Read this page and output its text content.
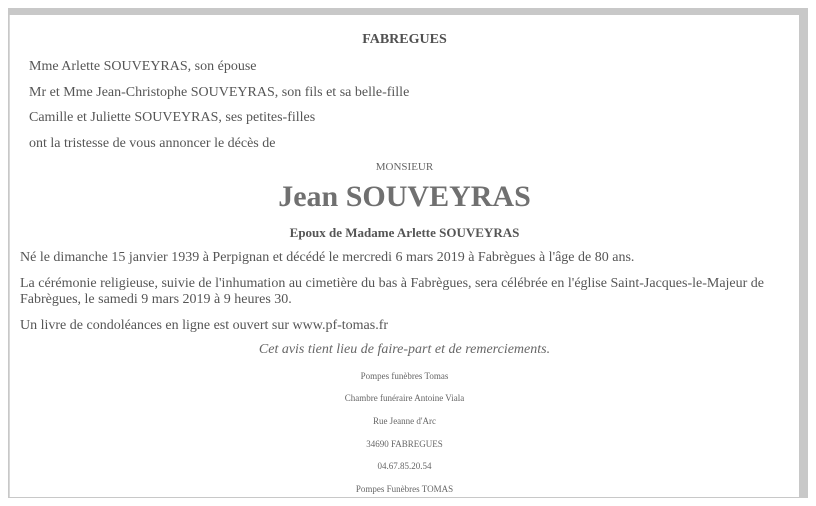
FABREGUES

Mme Arlette SOUVEYRAS, son épouse

Mr et Mme Jean-Christophe SOUVEYRAS, son fils et sa belle-fille

Camille et Juliette SOUVEYRAS, ses petites-filles

ont la tristesse de vous annoncer le décès de

MONSIEUR

Jean SOUVEYRAS

Epoux de Madame Arlette SOUVEYRAS

Né le dimanche 15 janvier 1939 à Perpignan et décédé le mercredi 6 mars 2019 à Fabrègues à l'âge de 80 ans.

La cérémonie religieuse, suivie de l'inhumation au cimetière du bas à Fabrègues, sera célébrée en l'église Saint-Jacques-le-Majeur de Fabrègues, le samedi 9 mars 2019 à 9 heures 30.

Un livre de condoléances en ligne est ouvert sur www.pf-tomas.fr

Cet avis tient lieu de faire-part et de remerciements.

Pompes funèbres Tomas

Chambre funéraire Antoine Viala

Rue Jeanne d'Arc

34690 FABREGUES

04.67.85.20.54

Pompes Funèbres TOMAS
